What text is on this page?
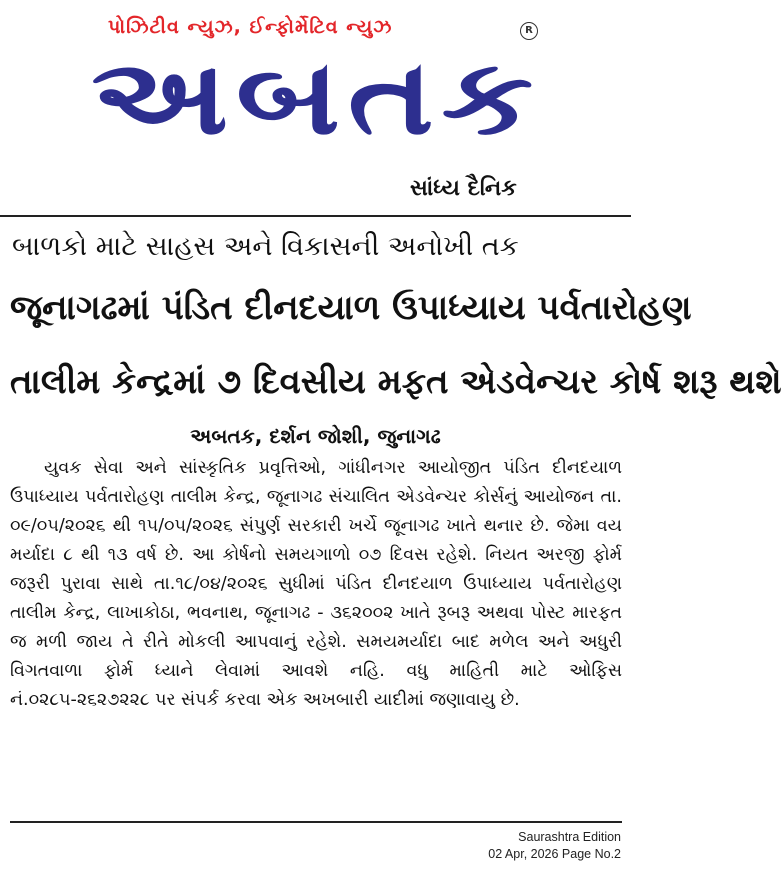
પોઝિટીવ ન્યુઝ, ઈન્ફોર્મેટિવ ન્યુઝ	R
અબતક
સાંધ્ય દૈનિક
બાળકો માટે સાહસ અને વિકાસની અનોખી તક
જૂનાગઢમાં પંડિત દીનદયાળ ઉપાધ્યાય પર્વતારોહણ
તાલીમ કેન્દ્રમાં ૭ દિવસીય મફત એડવેન્ચર કોર્ષ શરૂ થશે
અબતક, દર્શન જોશી, જુનાગઢ
યુવક સેવા અને સાંસ્કૃતિક પ્રવૃત્તિઓ, ગાંધીનગર આયોજીત પંડિત દીનદયાળ ઉપાધ્યાય પર્વતારોહણ તાલીમ કેન્દ્ર, જૂનાગઢ સંચાલિત એડવેન્ચર કોર્સનું આયોજન તા. ૦૯/૦૫/૨૦૨૬ થી ૧૫/૦૫/૨૦૨૬ સંપુર્ણ સરકારી ખર્ચે જૂનાગઢ ખાતે થનાર છે. જેમા વય મર્યાદા ૮ થી ૧૩ વર્ષ છે. આ કોર્ષનો સમયગાળો ૦૭ દિવસ રહેશે. નિયત અરજી ફોર્મ જરૂરી પુરાવા સાથે તા.૧૮/૦૪/૨૦૨૬ સુધીમાં પંડિત દીનદયાળ ઉપાધ્યાય પર્વતારોહણ તાલીમ કેન્દ્ર, લાખાકોઠા, ભવનાથ, જૂનાગઢ - ૩૬૨૦૦૨ ખાતે રૂબરૂ અથવા પોસ્ટ મારફત જ મળી જાય તે રીતે મોકલી આપવાનું રહેશે. સમયમર્યાદા બાદ મળેલ અને અધુરી વિગતવાળા ફોર્મ ધ્યાને લેવામાં આવશે નહિ. વધુ માહિતી માટે ઓફિસ નં.૦૨૮૫-૨૬૨૭૨૨૮ પર સંપર્ક કરવા એક અખબારી યાદીમાં જણાવાયુ છે.
Saurashtra Edition
02 Apr, 2026 Page No.2
